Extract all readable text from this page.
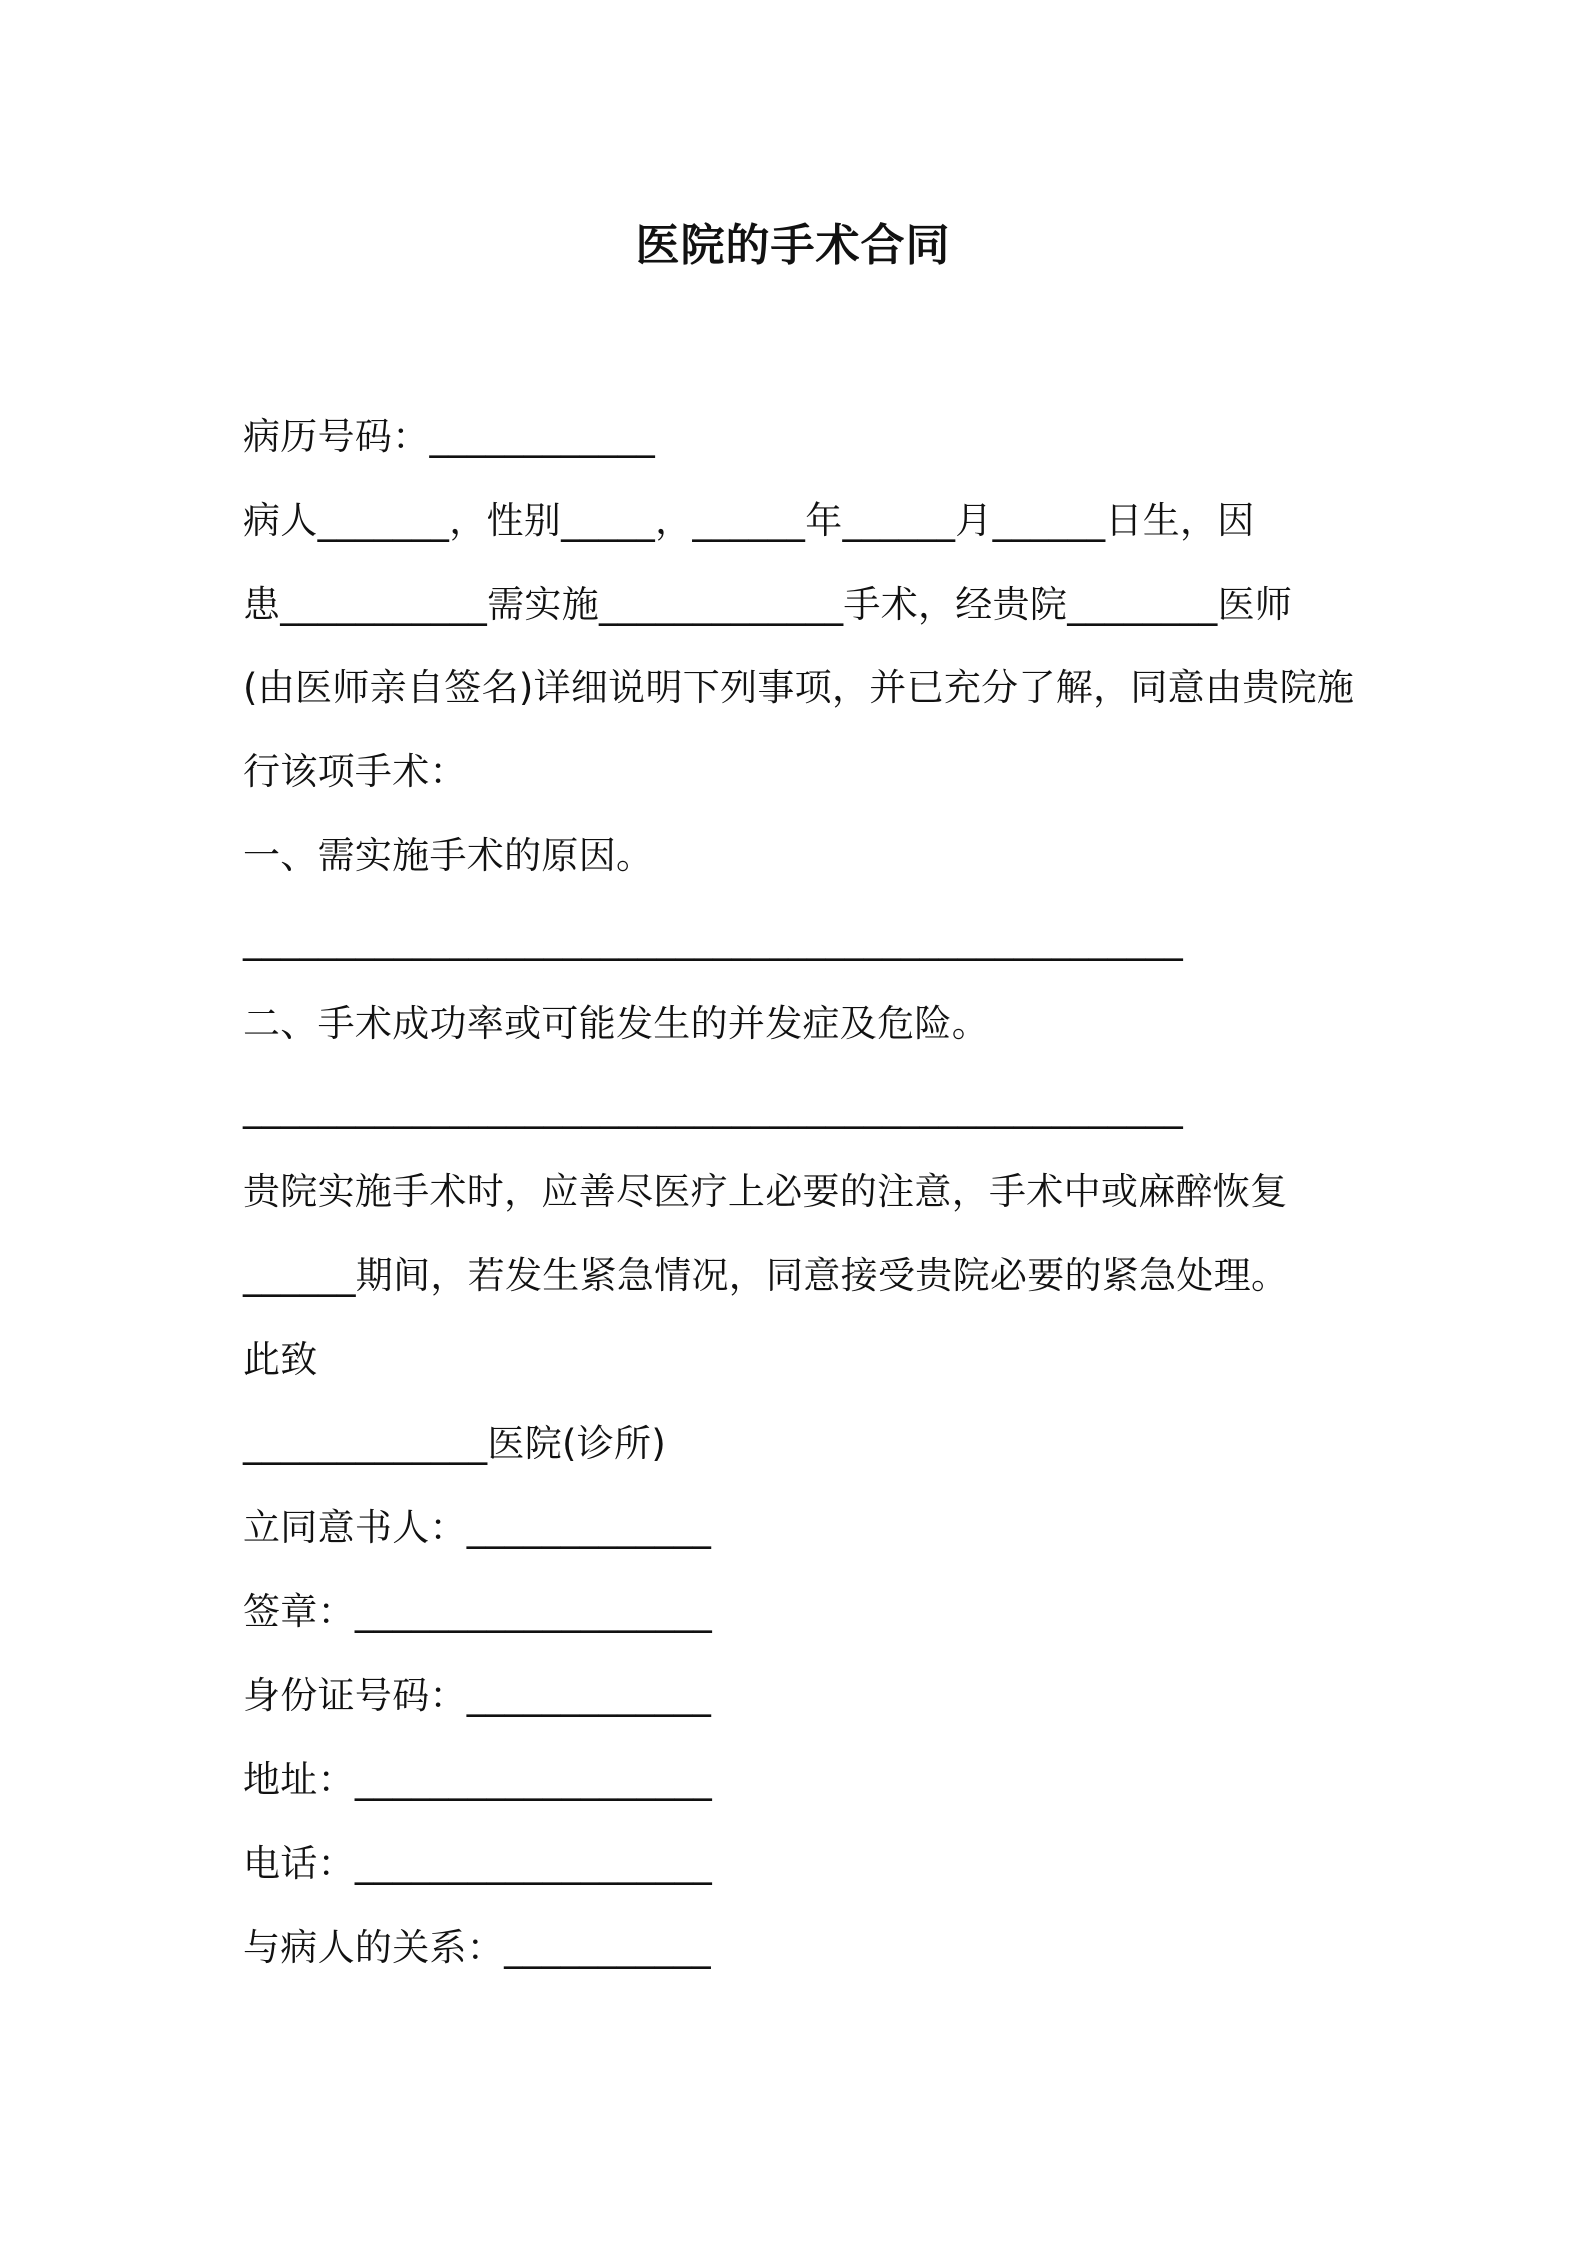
医院的手术合同
病历号码：____________
病人_______，性别_____，______年______月______日生，因
患___________需实施_____________手术，经贵院________医师
(由医师亲自签名)详细说明下列事项，并已充分了解，同意由贵院施
行该项手术：
一、需实施手术的原因。
__________________________________________________
二、手术成功率或可能发生的并发症及危险。
__________________________________________________
贵院实施手术时，应善尽医疗上必要的注意，手术中或麻醉恢复
______期间，若发生紧急情况，同意接受贵院必要的紧急处理。
此致
_____________医院(诊所)
立同意书人：_____________
签章：___________________
身份证号码：_____________
地址：___________________
电话：___________________
与病人的关系：___________
